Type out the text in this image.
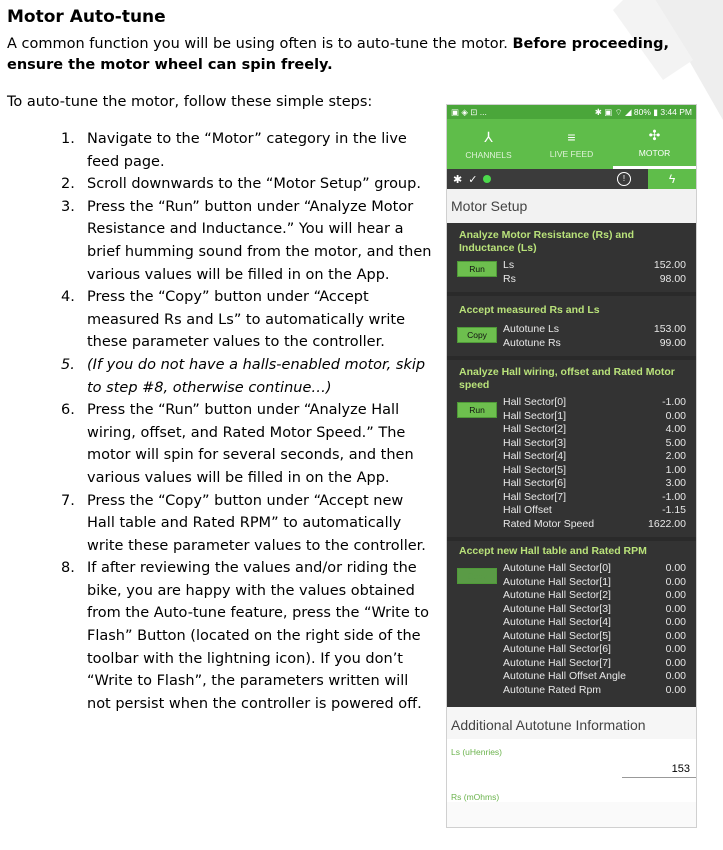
Motor Auto-tune
A common function you will be using often is to auto-tune the motor. Before proceeding, ensure the motor wheel can spin freely.
To auto-tune the motor, follow these simple steps:
1. Navigate to the “Motor” category in the live feed page.
2. Scroll downwards to the “Motor Setup” group.
3. Press the “Run” button under “Analyze Motor Resistance and Inductance.” You will hear a brief humming sound from the motor, and then various values will be filled in on the App.
4. Press the “Copy” button under “Accept measured Rs and Ls” to automatically write these parameter values to the controller.
5. (If you do not have a halls-enabled motor, skip to step #8, otherwise continue…)
6. Press the “Run” button under “Analyze Hall wiring, offset, and Rated Motor Speed.” The motor will spin for several seconds, and then various values will be filled in on the App.
7. Press the “Copy” button under “Accept new Hall table and Rated RPM” to automatically write these parameter values to the controller.
8. If after reviewing the values and/or riding the bike, you are happy with the values obtained from the Auto-tune feature, press the “Write to Flash” Button (located on the right side of the toolbar with the lightning icon). If you don’t “Write to Flash”, the parameters written will not persist when the controller is powered off.
▣ ◈ ⊡ ...	✱ ▣ ⌔ ◢ 80% ▮ 3:44 PM
⅄
CHANNELS
≡
LIVE FEED
✣
MOTOR
✱ ✓	!	ϟ
Motor Setup
Analyze Motor Resistance (Rs) and Inductance (Ls)
Run	Ls	152.00
Rs	98.00
Accept measured Rs and Ls
Copy	Autotune Ls	153.00
Autotune Rs	99.00
Analyze Hall wiring, offset and Rated Motor speed
Run
Hall Sector[0]	-1.00
Hall Sector[1]	0.00
Hall Sector[2]	4.00
Hall Sector[3]	5.00
Hall Sector[4]	2.00
Hall Sector[5]	1.00
Hall Sector[6]	3.00
Hall Sector[7]	-1.00
Hall Offset	-1.15
Rated Motor Speed	1622.00
Accept new Hall table and Rated RPM
Copy
Autotune Hall Sector[0]	0.00
Autotune Hall Sector[1]	0.00
Autotune Hall Sector[2]	0.00
Autotune Hall Sector[3]	0.00
Autotune Hall Sector[4]	0.00
Autotune Hall Sector[5]	0.00
Autotune Hall Sector[6]	0.00
Autotune Hall Sector[7]	0.00
Autotune Hall Offset Angle	0.00
Autotune Rated Rpm	0.00
Additional Autotune Information
Ls (uHenries)
153
Rs (mOhms)
